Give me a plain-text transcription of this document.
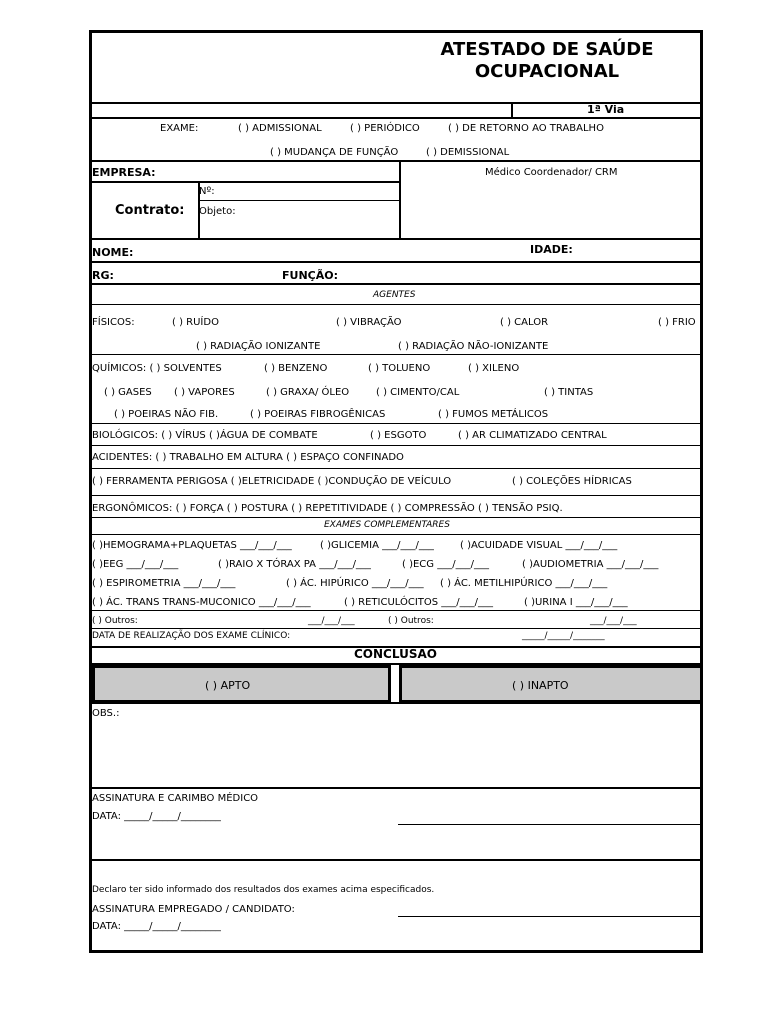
ATESTADO DE SAÚDE OCUPACIONAL
1ª Via
EXAME:	( ) ADMISSIONAL	( ) PERIÓDICO	( ) DE RETORNO AO TRABALHO
( ) MUDANÇA DE FUNÇÃO	( ) DEMISSIONAL
EMPRESA:	Médico Coordenador/ CRM
Nº:
Contrato: Objeto:
NOME:	IDADE:
RG:	FUNÇÃO:
AGENTES
FÍSICOS:	( ) RUÍDO	( ) VIBRAÇÃO	( ) CALOR	( ) FRIO
( ) RADIAÇÃO IONIZANTE	( ) RADIAÇÃO NÃO-IONIZANTE
QUÍMICOS: ( ) SOLVENTES	( ) BENZENO	( ) TOLUENO	( ) XILENO
( ) GASES ( ) VAPORES	( ) GRAXA/ ÓLEO	( ) CIMENTO/CAL	( ) TINTAS
( ) POEIRAS NÃO FIB.	( ) POEIRAS FIBROGÊNICAS	( ) FUMOS METÁLICOS
BIOLÓGICOS: ( ) VÍRUS ( )ÁGUA DE COMBATE	( ) ESGOTO	( ) AR CLIMATIZADO CENTRAL
ACIDENTES: ( ) TRABALHO EM ALTURA ( ) ESPAÇO CONFINADO
( ) FERRAMENTA PERIGOSA ( )ELETRICIDADE ( )CONDUÇÃO DE VEÍCULO	( ) COLEÇÕES HÍDRICAS
ERGONÔMICOS: ( ) FORÇA ( ) POSTURA ( ) REPETITIVIDADE ( ) COMPRESSÃO ( ) TENSÃO PSIQ.
EXAMES COMPLEMENTARES
( )HEMOGRAMA+PLAQUETAS ___/___/___	( )GLICEMIA ___/___/___	( )ACUIDADE VISUAL ___/___/___
( )EEG ___/___/___	( )RAIO X TÓRAX PA ___/___/___	( )ECG ___/___/___	( )AUDIOMETRIA ___/___/___
( ) ESPIROMETRIA ___/___/___	( ) ÁC. HIPÚRICO ___/___/___ ( ) ÁC. METILHIPÚRICO ___/___/___
( ) ÁC. TRANS TRANS-MUCONICO ___/___/___	( ) RETICULÓCITOS ___/___/___	( )URINA I ___/___/___
( ) Outros:	___/___/___	( ) Outros:	___/___/___
DATA DE REALIZAÇÃO DOS EXAME CLÍNICO:	_____/_____/_______
CONCLUSÃO
( ) APTO	( ) INAPTO
OBS.:
ASSINATURA E CARIMBO MÉDICO
DATA: _____/_____/________
Declaro ter sido informado dos resultados dos exames acima especificados.
ASSINATURA EMPREGADO / CANDIDATO:
DATA: _____/_____/________
